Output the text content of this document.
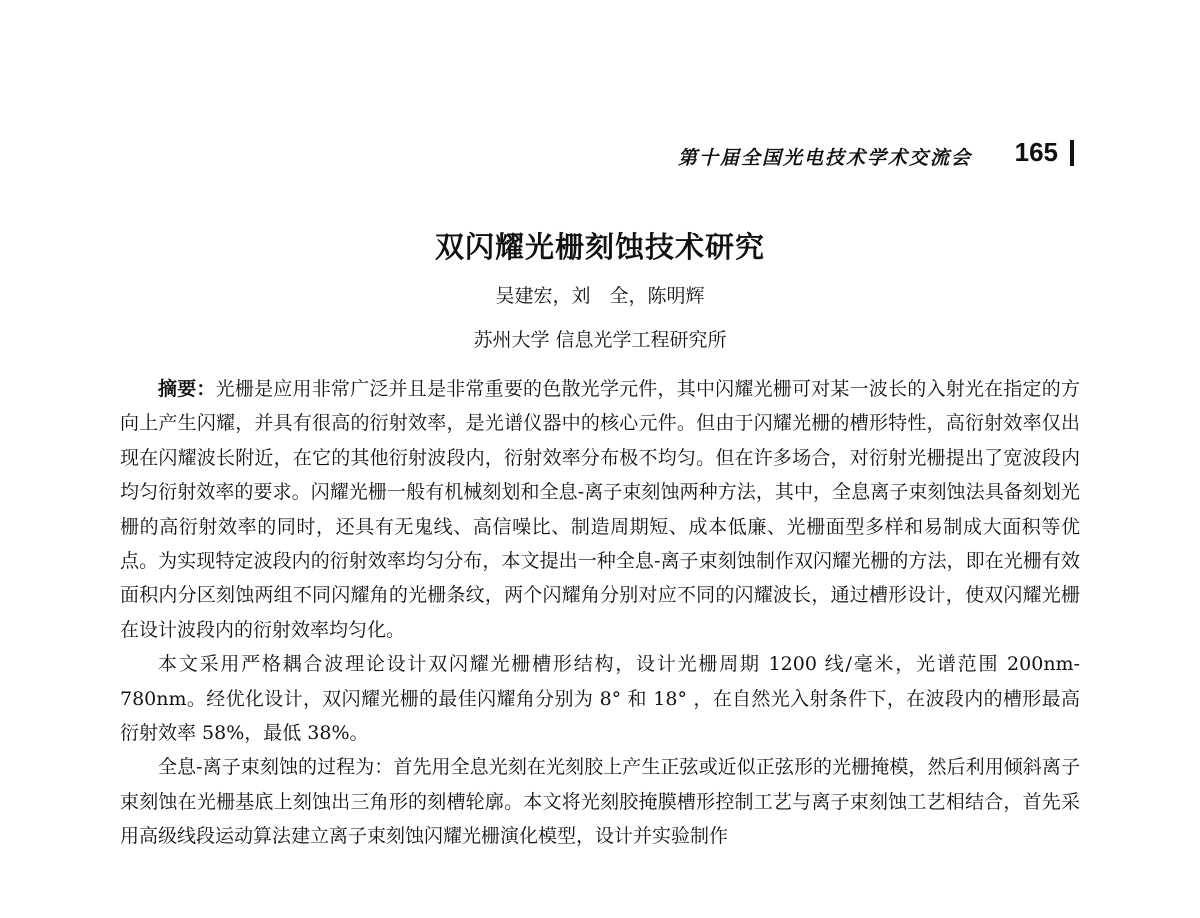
第十届全国光电技术学术交流会 165
双闪耀光栅刻蚀技术研究
吴建宏，刘　全，陈明辉
苏州大学 信息光学工程研究所

摘要：光栅是应用非常广泛并且是非常重要的色散光学元件，其中闪耀光栅可对某一波长的入射光在指定的方向上产生闪耀，并具有很高的衍射效率，是光谱仪器中的核心元件。但由于闪耀光栅的槽形特性，高衍射效率仅出现在闪耀波长附近，在它的其他衍射波段内，衍射效率分布极不均匀。但在许多场合，对衍射光栅提出了宽波段内均匀衍射效率的要求。闪耀光栅一般有机械刻划和全息-离子束刻蚀两种方法，其中，全息离子束刻蚀法具备刻划光栅的高衍射效率的同时，还具有无鬼线、高信噪比、制造周期短、成本低廉、光栅面型多样和易制成大面积等优点。为实现特定波段内的衍射效率均匀分布，本文提出一种全息-离子束刻蚀制作双闪耀光栅的方法，即在光栅有效面积内分区刻蚀两组不同闪耀角的光栅条纹，两个闪耀角分别对应不同的闪耀波长，通过槽形设计，使双闪耀光栅在设计波段内的衍射效率均匀化。

本文采用严格耦合波理论设计双闪耀光栅槽形结构，设计光栅周期 1200 线/毫米，光谱范围 200nm-780nm。经优化设计，双闪耀光栅的最佳闪耀角分别为 8° 和 18° ，在自然光入射条件下，在波段内的槽形最高衍射效率 58%，最低 38%。

全息-离子束刻蚀的过程为：首先用全息光刻在光刻胶上产生正弦或近似正弦形的光栅掩模，然后利用倾斜离子束刻蚀在光栅基底上刻蚀出三角形的刻槽轮廓。本文将光刻胶掩膜槽形控制工艺与离子束刻蚀工艺相结合，首先采用高级线段运动算法建立离子束刻蚀闪耀光栅演化模型，设计并实验制作
